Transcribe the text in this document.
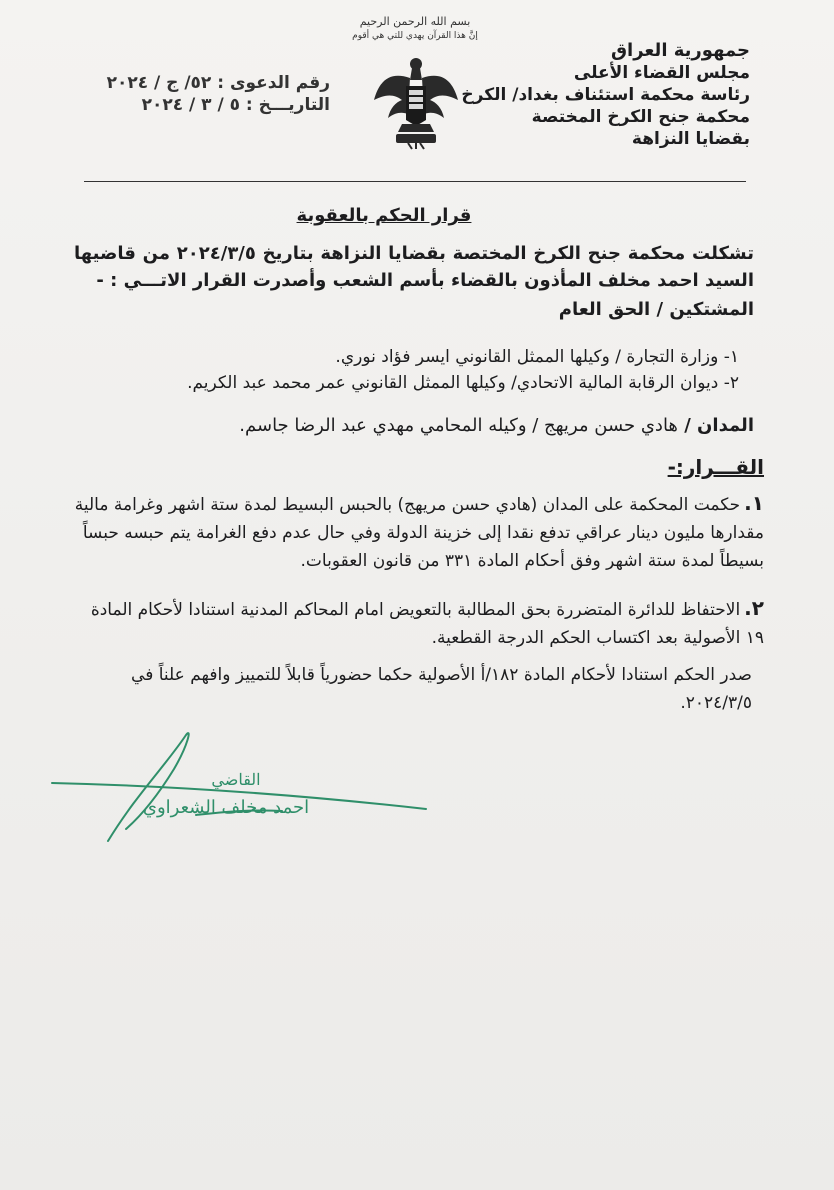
بسم الله الرحمن الرحيم
إنَّ هذا القرآن يهدي للتي هي أقوم
جمهورية العراق
مجلس القضاء الأعلى
رئاسة محكمة استئناف بغداد/ الكرخ
محكمة جنح الكرخ المختصة
بقضايا النزاهة
رقم الدعوى : ٥٢/ ج / ٢٠٢٤
التاريـــخ : ٥ / ٣ / ٢٠٢٤
قرار الحكم بالعقوبة
تشكلت محكمة جنح الكرخ المختصة بقضايا النزاهة بتاريخ ٢٠٢٤/٣/٥ من قاضيها السيد احمد مخلف المأذون بالقضاء بأسم الشعب وأصدرت القرار الاتـــي : -
المشتكين / الحق العام
١- وزارة التجارة / وكيلها الممثل القانوني ايسر فؤاد نوري.
٢- ديوان الرقابة المالية الاتحادي/ وكيلها الممثل القانوني عمر محمد عبد الكريم.
المدان / هادي حسن مريهج / وكيله المحامي مهدي عبد الرضا جاسم.
القـــرار:-
١.حكمت المحكمة على المدان (هادي حسن مريهج) بالحبس البسيط لمدة ستة اشهر وغرامة مالية مقدارها مليون دينار عراقي تدفع نقدا إلى خزينة الدولة وفي حال عدم دفع الغرامة يتم حبسه حبساً بسيطاً لمدة ستة اشهر وفق أحكام المادة ٣٣١ من قانون العقوبات.
٢.الاحتفاظ للدائرة المتضررة بحق المطالبة بالتعويض امام المحاكم المدنية استنادا لأحكام المادة ١٩ الأصولية بعد اكتساب الحكم الدرجة القطعية.
صدر الحكم استنادا لأحكام المادة ١٨٢/أ الأصولية حكما حضورياً قابلاً للتمييز وافهم علناً في ٢٠٢٤/٣/٥.
القاضي
احمد مخلف الشعراوي
